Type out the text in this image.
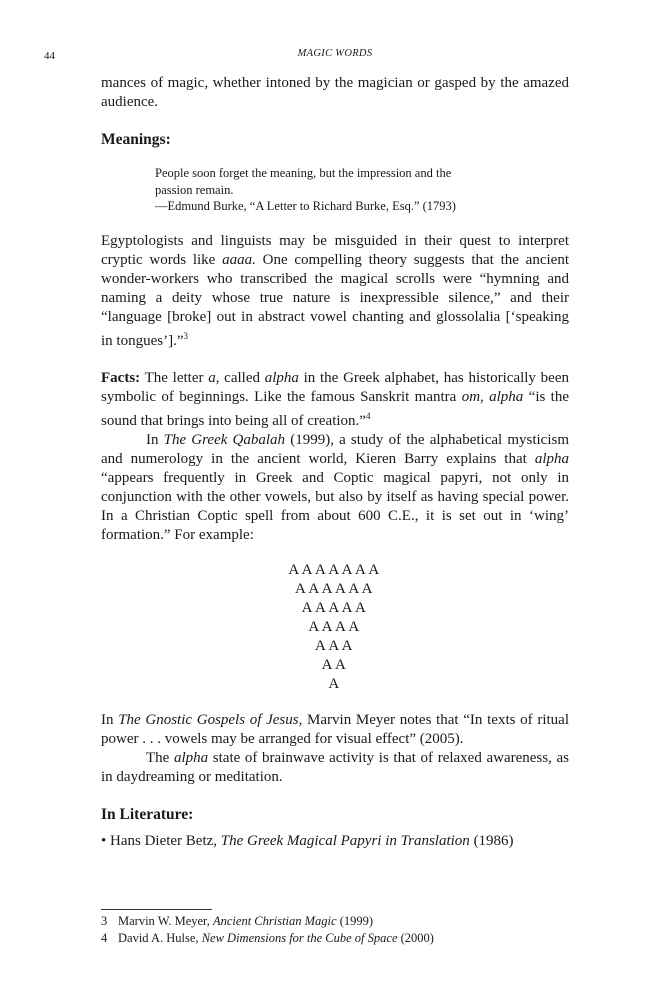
44	MAGIC WORDS

mances of magic, whether intoned by the magician or gasped by the amazed audience.

Meanings:

People soon forget the meaning, but the impression and the
passion remain.
—Edmund Burke, “A Letter to Richard Burke, Esq.” (1793)

Egyptologists and linguists may be misguided in their quest to interpret cryptic words like aaaa. One compelling theory suggests that the ancient wonder-workers who transcribed the magical scrolls were “hymning and naming a deity whose true nature is inexpressible silence,” and their “language [broke] out in abstract vowel chanting and glossolalia [‘speaking in tongues’].”$^3$

Facts: The letter a, called alpha in the Greek alphabet, has historically been symbolic of beginnings. Like the famous Sanskrit mantra om, alpha “is the sound that brings into being all of creation.”$^4$

In The Greek Qabalah (1999), a study of the alphabetical mysticism and numerology in the ancient world, Kieren Barry explains that alpha “appears frequently in Greek and Coptic magical papyri, not only in conjunction with the other vowels, but also by itself as having special power. In a Christian Coptic spell from about 600 C.E., it is set out in ‘wing’ formation.” For example:

AAAAAAA
AAAAAA
AAAAA
AAAA
AAA
AA
A

In The Gnostic Gospels of Jesus, Marvin Meyer notes that “In texts of ritual power . . . vowels may be arranged for visual effect” (2005).

The alpha state of brainwave activity is that of relaxed awareness, as in daydreaming or meditation.

In Literature:

• Hans Dieter Betz, The Greek Magical Papyri in Translation (1986)

3 Marvin W. Meyer, Ancient Christian Magic (1999)
4 David A. Hulse, New Dimensions for the Cube of Space (2000)
